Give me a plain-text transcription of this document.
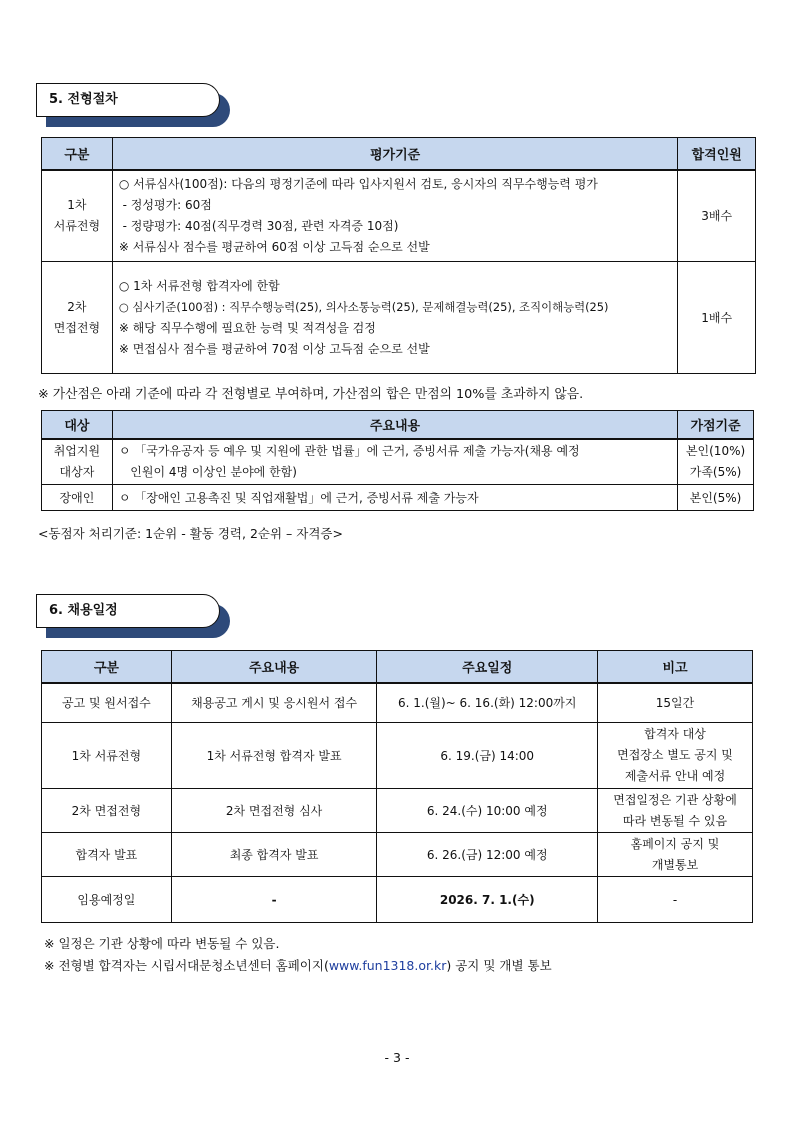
5. 전형절차
구분	평가기준	합격인원

1차
서류전형	○ 서류심사(100점): 다음의 평정기준에 따라 입사지원서 검토, 응시자의 직무수행능력 평가
- 정성평가: 60점
- 정량평가: 40점(직무경력 30점, 관련 자격증 10점)
※ 서류심사 점수를 평균하여 60점 이상 고득점 순으로 선발	3배수

2차
면접전형	○ 1차 서류전형 합격자에 한함
○ 심사기준(100점) : 직무수행능력(25), 의사소통능력(25), 문제해결능력(25), 조직이해능력(25)
※ 해당 직무수행에 필요한 능력 및 적격성을 검정
※ 면접심사 점수를 평균하여 70점 이상 고득점 순으로 선발	1배수
※ 가산점은 아래 기준에 따라 각 전형별로 부여하며, 가산점의 합은 만점의 10%를 초과하지 않음.
대상	주요내용	가점기준

취업지원
대상자	ㅇ 「국가유공자 등 예우 및 지원에 관한 법률」에 근거, 증빙서류 제출 가능자(채용 예정
인원이 4명 이상인 분야에 한함)	본인(10%)
가족(5%)

장애인	ㅇ 「장애인 고용촉진 및 직업재활법」에 근거, 증빙서류 제출 가능자	본인(5%)
<동점자 처리기준: 1순위 - 활동 경력, 2순위 – 자격증>
6. 채용일정
구분	주요내용	주요일정	비고
공고 및 원서접수	채용공고 게시 및 응시원서 접수	6. 1.(월)~ 6. 16.(화) 12:00까지	15일간
1차 서류전형	1차 서류전형 합격자 발표	6. 19.(금) 14:00	합격자 대상
면접장소 별도 공지 및
제출서류 안내 예정

2차 면접전형	2차 면접전형 심사	6. 24.(수) 10:00 예정	면접일정은 기관 상황에
따라 변동될 수 있음

합격자 발표	최종 합격자 발표	6. 26.(금) 12:00 예정	홈페이지 공지 및
개별통보

임용예정일	-	2026. 7. 1.(수)	-
※ 일정은 기관 상황에 따라 변동될 수 있음.
※ 전형별 합격자는 시립서대문청소년센터 홈페이지(www.fun1318.or.kr) 공지 및 개별 통보
- 3 -
